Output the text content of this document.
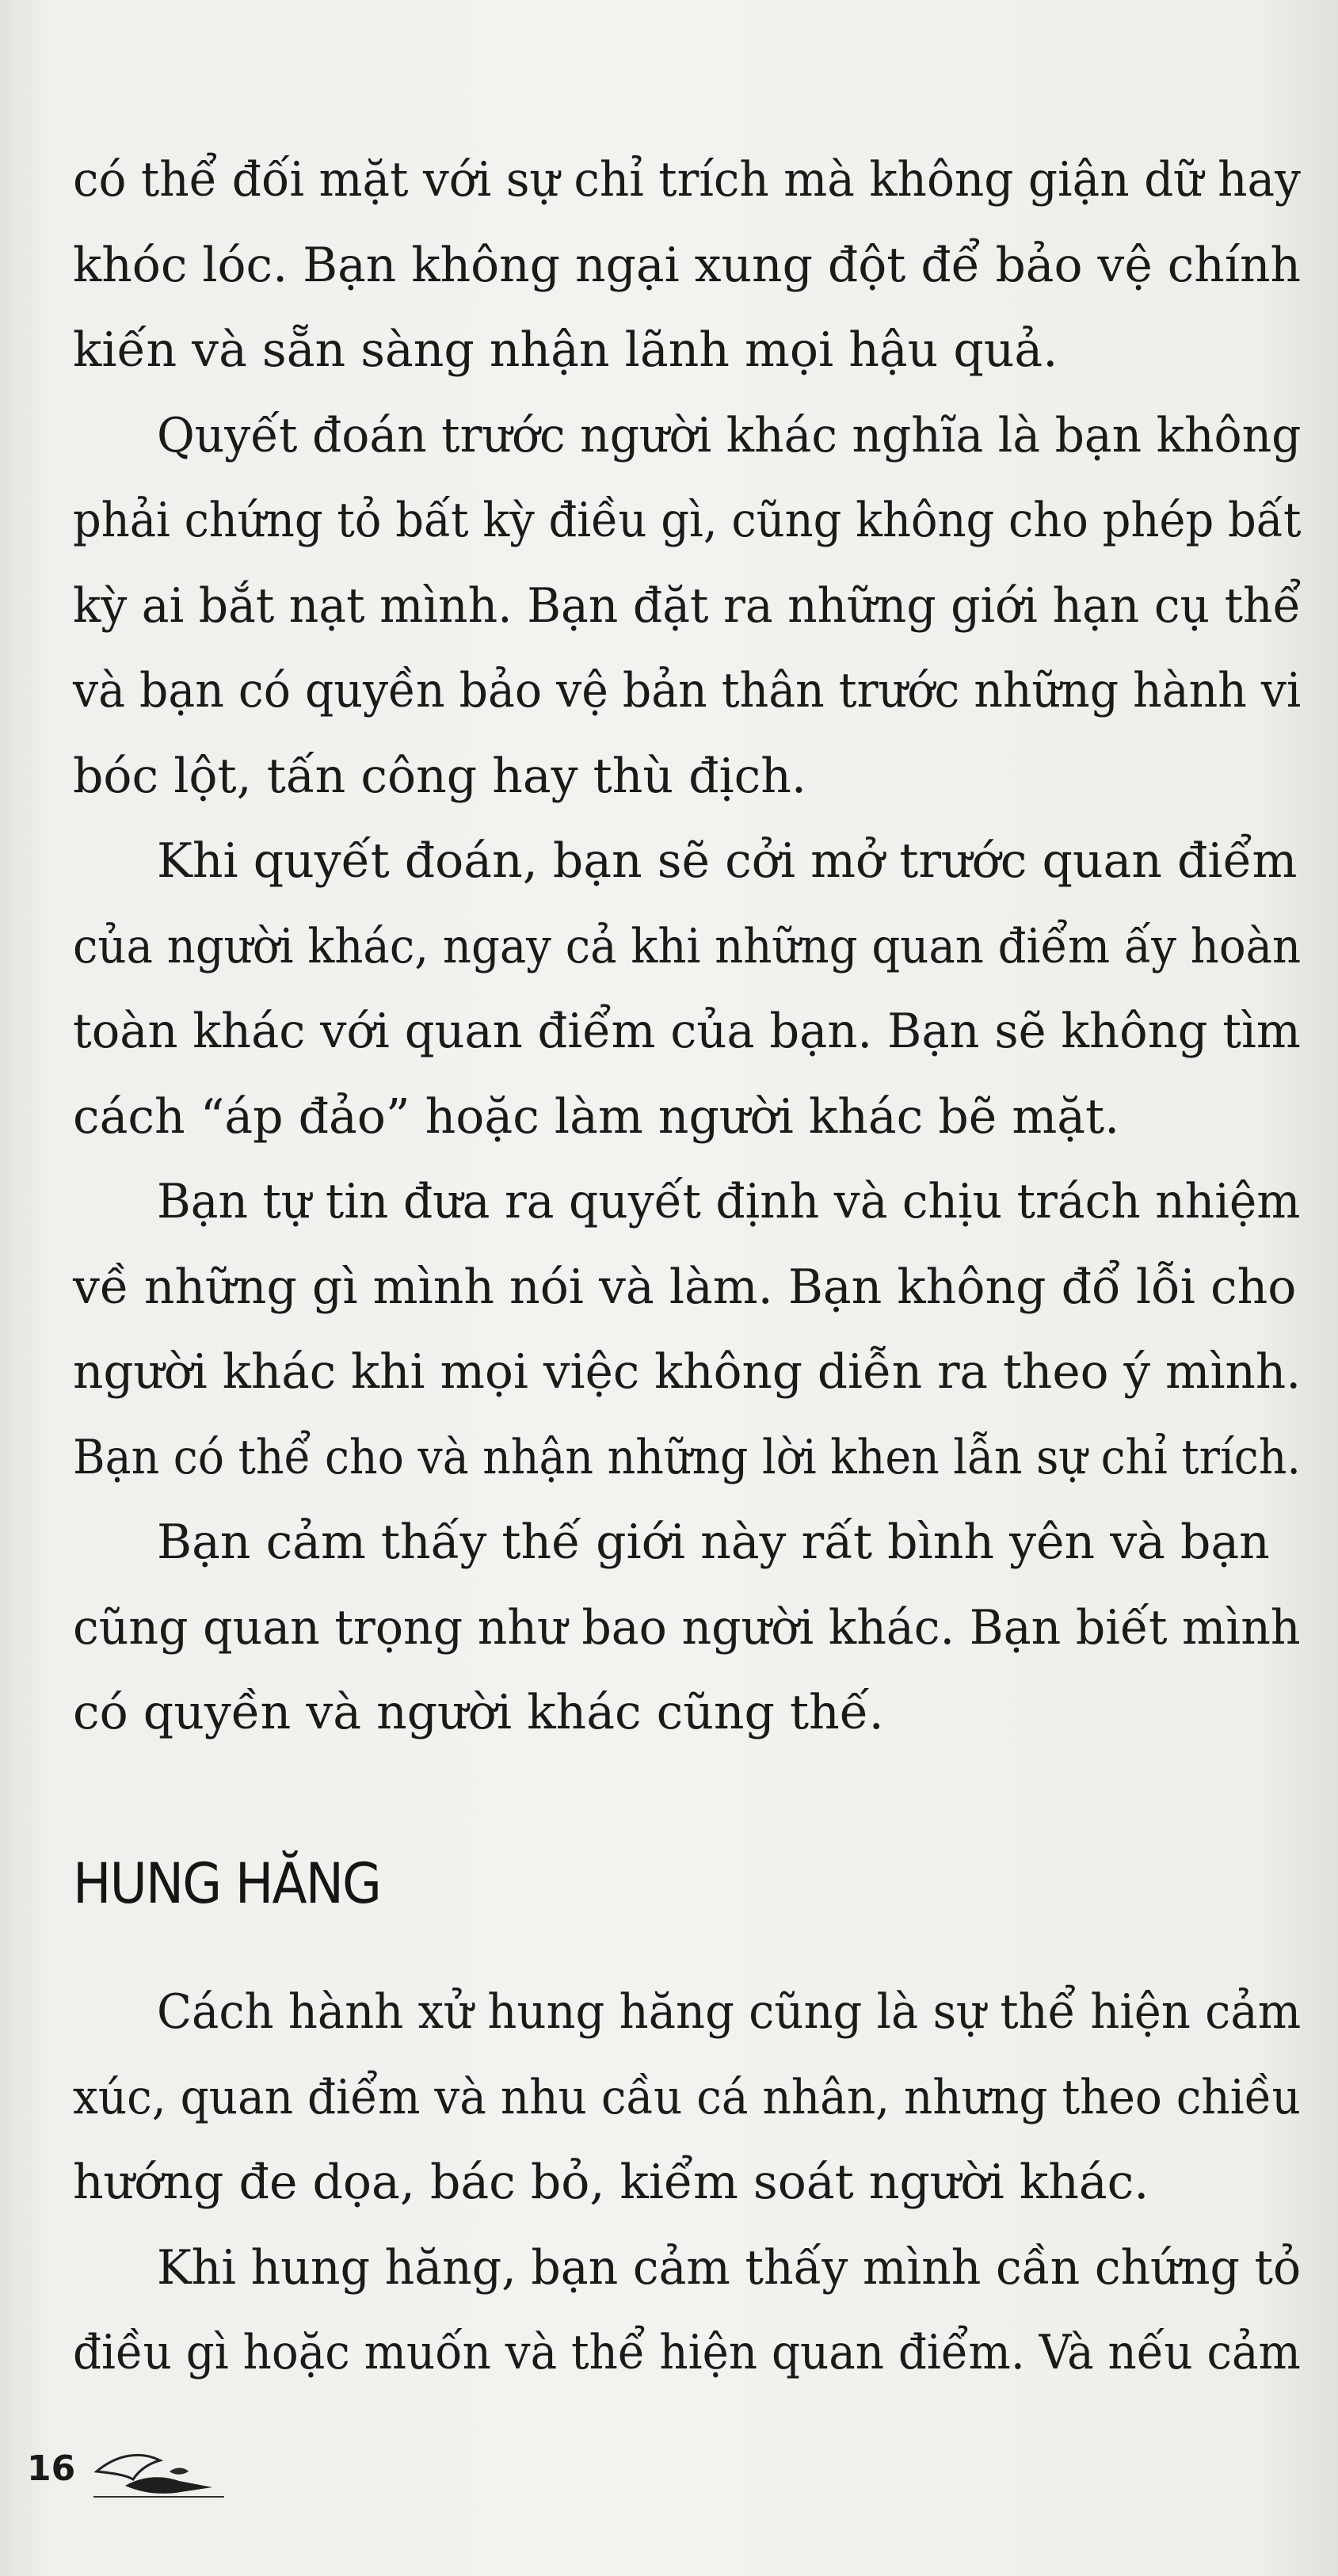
có thể đối mặt với sự chỉ trích mà không giận dữ hay
khóc lóc. Bạn không ngại xung đột để bảo vệ chính
kiến và sẵn sàng nhận lãnh mọi hậu quả.
Quyết đoán trước người khác nghĩa là bạn không
phải chứng tỏ bất kỳ điều gì, cũng không cho phép bất
kỳ ai bắt nạt mình. Bạn đặt ra những giới hạn cụ thể
và bạn có quyền bảo vệ bản thân trước những hành vi
bóc lột, tấn công hay thù địch.
Khi quyết đoán, bạn sẽ cởi mở trước quan điểm
của người khác, ngay cả khi những quan điểm ấy hoàn
toàn khác với quan điểm của bạn. Bạn sẽ không tìm
cách “áp đảo” hoặc làm người khác bẽ mặt.
Bạn tự tin đưa ra quyết định và chịu trách nhiệm
về những gì mình nói và làm. Bạn không đổ lỗi cho
người khác khi mọi việc không diễn ra theo ý mình.
Bạn có thể cho và nhận những lời khen lẫn sự chỉ trích.
Bạn cảm thấy thế giới này rất bình yên và bạn
cũng quan trọng như bao người khác. Bạn biết mình
có quyền và người khác cũng thế.
HUNG HĂNG
Cách hành xử hung hăng cũng là sự thể hiện cảm
xúc, quan điểm và nhu cầu cá nhân, nhưng theo chiều
hướng đe dọa, bác bỏ, kiểm soát người khác.
Khi hung hăng, bạn cảm thấy mình cần chứng tỏ
điều gì hoặc muốn và thể hiện quan điểm. Và nếu cảm
16
